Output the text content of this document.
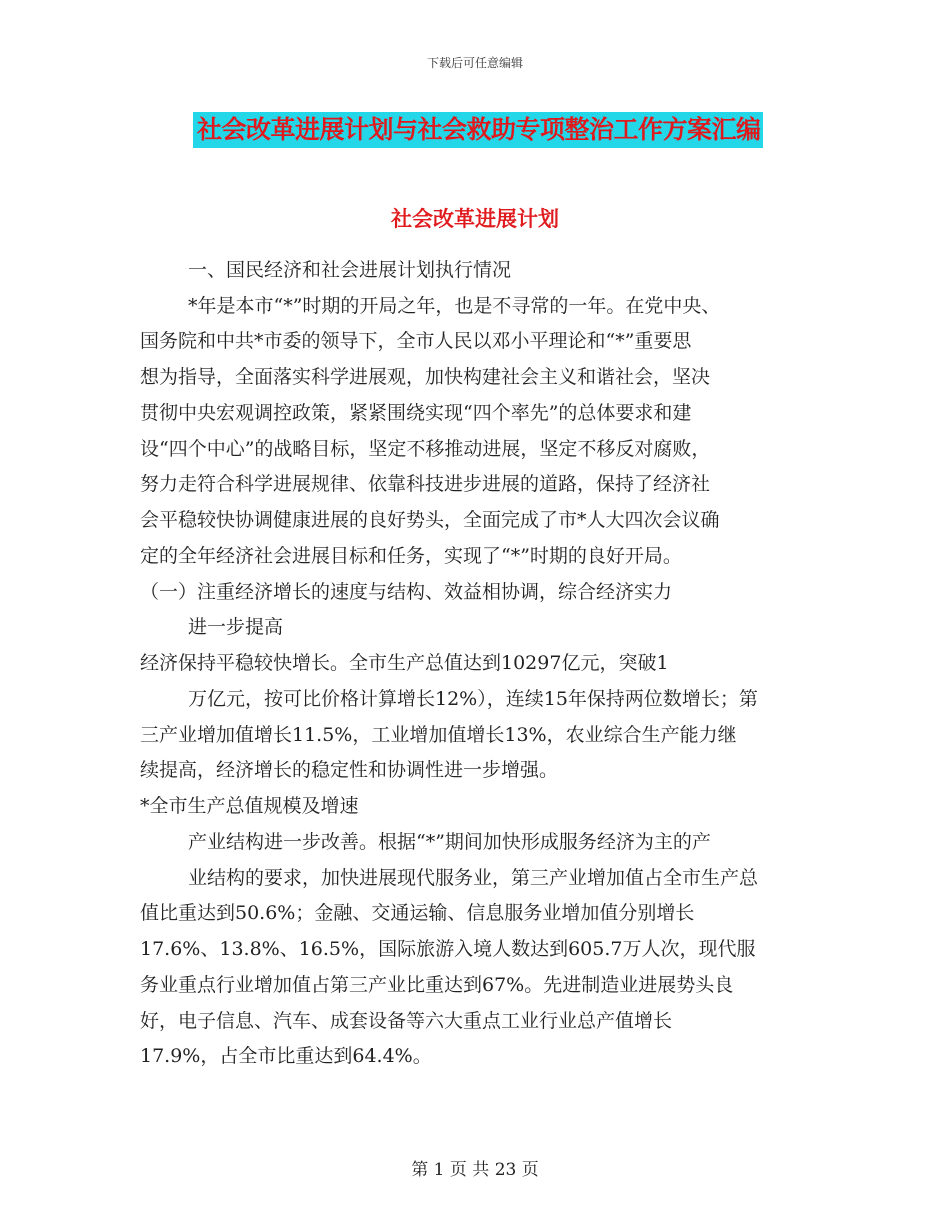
下载后可任意编辑
社会改革进展计划与社会救助专项整治工作方案汇编
社会改革进展计划
一、国民经济和社会进展计划执行情况
*年是本市“*”时期的开局之年，也是不寻常的一年。在党中央、
国务院和中共*市委的领导下，全市人民以邓小平理论和“*”重要思
想为指导，全面落实科学进展观，加快构建社会主义和谐社会，坚决
贯彻中央宏观调控政策，紧紧围绕实现“四个率先”的总体要求和建
设“四个中心”的战略目标，坚定不移推动进展，坚定不移反对腐败，
努力走符合科学进展规律、依靠科技进步进展的道路，保持了经济社
会平稳较快协调健康进展的良好势头，全面完成了市*人大四次会议确
定的全年经济社会进展目标和任务，实现了“*”时期的良好开局。
（一）注重经济增长的速度与结构、效益相协调，综合经济实力
进一步提高
经济保持平稳较快增长。全市生产总值达到10297亿元，突破1
万亿元，按可比价格计算增长12%），连续15年保持两位数增长；第
三产业增加值增长11.5%，工业增加值增长13%，农业综合生产能力继
续提高，经济增长的稳定性和协调性进一步增强。
*全市生产总值规模及增速
产业结构进一步改善。根据“*”期间加快形成服务经济为主的产
业结构的要求，加快进展现代服务业，第三产业增加值占全市生产总
值比重达到50.6%；金融、交通运输、信息服务业增加值分别增长
17.6%、13.8%、16.5%，国际旅游入境人数达到605.7万人次，现代服
务业重点行业增加值占第三产业比重达到67%。先进制造业进展势头良
好，电子信息、汽车、成套设备等六大重点工业行业总产值增长
17.9%，占全市比重达到64.4%。
第 1 页 共 23 页
